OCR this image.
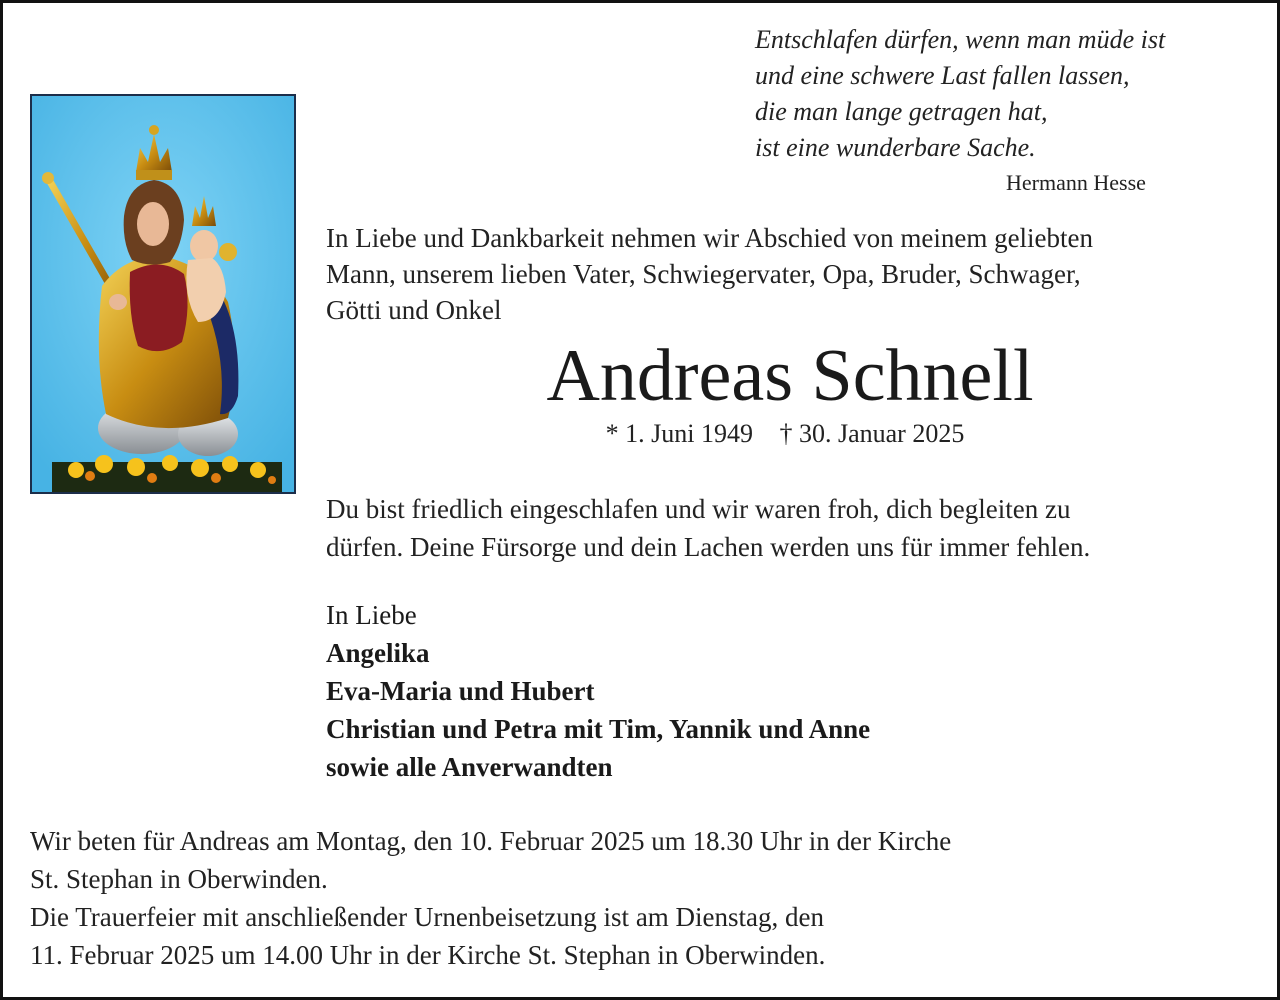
Entschlafen dürfen, wenn man müde ist
und eine schwere Last fallen lassen,
die man lange getragen hat,
ist eine wunderbare Sache.
Hermann Hesse
In Liebe und Dankbarkeit nehmen wir Abschied von meinem geliebten
Mann, unserem lieben Vater, Schwiegervater, Opa, Bruder, Schwager,
Götti und Onkel
Andreas Schnell
* 1. Juni 1949 † 30. Januar 2025
Du bist friedlich eingeschlafen und wir waren froh, dich begleiten zu
dürfen. Deine Fürsorge und dein Lachen werden uns für immer fehlen.
In Liebe
Angelika
Eva-Maria und Hubert
Christian und Petra mit Tim, Yannik und Anne
sowie alle Anverwandten
Wir beten für Andreas am Montag, den 10. Februar 2025 um 18.30 Uhr in der Kirche
St. Stephan in Oberwinden.
Die Trauerfeier mit anschließender Urnenbeisetzung ist am Dienstag, den
11. Februar 2025 um 14.00 Uhr in der Kirche St. Stephan in Oberwinden.
